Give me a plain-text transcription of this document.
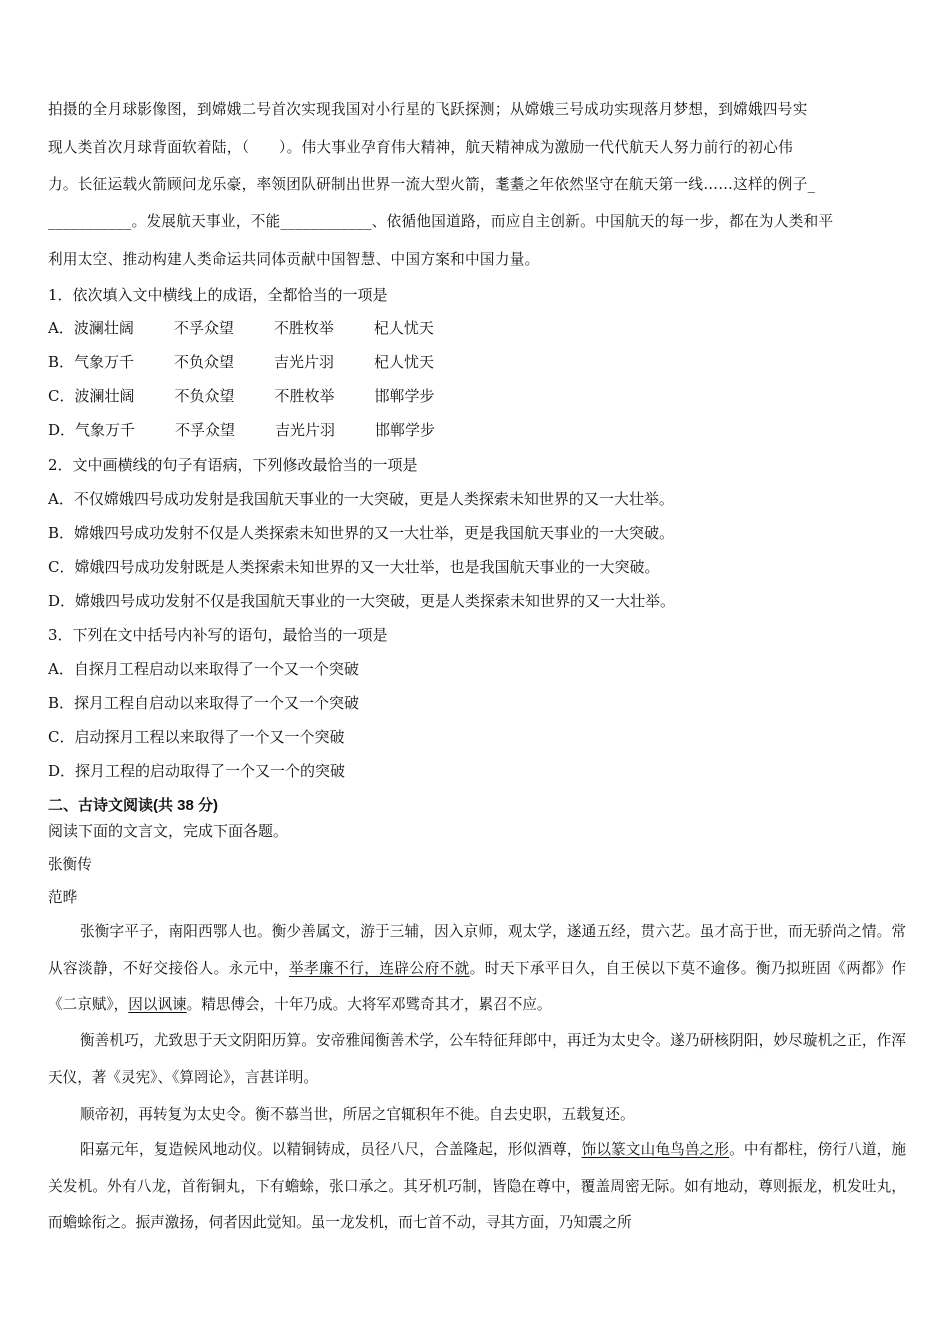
拍摄的全月球影像图，到嫦娥二号首次实现我国对小行星的飞跃探测；从嫦娥三号成功实现落月梦想，到嫦娥四号实
现人类首次月球背面软着陆，（　　）。伟大事业孕育伟大精神，航天精神成为激励一代代航天人努力前行的初心伟
力。长征运载火箭顾问龙乐豪，率领团队研制出世界一流大型火箭，耄耋之年依然坚守在航天第一线……这样的例子_
___________。发展航天事业，不能____________、依循他国道路，而应自主创新。中国航天的每一步，都在为人类和平
利用太空、推动构建人类命运共同体贡献中国智慧、中国方案和中国力量。
1．依次填入文中横线上的成语，全都恰当的一项是
A．波澜壮阔	不孚众望	不胜枚举	杞人忧天
B．气象万千	不负众望	吉光片羽	杞人忧天
C．波澜壮阔	不负众望	不胜枚举	邯郸学步
D．气象万千	不孚众望	吉光片羽	邯郸学步
2．文中画横线的句子有语病，下列修改最恰当的一项是
A．不仅嫦娥四号成功发射是我国航天事业的一大突破，更是人类探索未知世界的又一大壮举。
B．嫦娥四号成功发射不仅是人类探索未知世界的又一大壮举，更是我国航天事业的一大突破。
C．嫦娥四号成功发射既是人类探索未知世界的又一大壮举，也是我国航天事业的一大突破。
D．嫦娥四号成功发射不仅是我国航天事业的一大突破，更是人类探索未知世界的又一大壮举。
3．下列在文中括号内补写的语句，最恰当的一项是
A．自探月工程启动以来取得了一个又一个突破
B．探月工程自启动以来取得了一个又一个突破
C．启动探月工程以来取得了一个又一个突破
D．探月工程的启动取得了一个又一个的突破
二、古诗文阅读(共 38 分)
阅读下面的文言文，完成下面各题。
张衡传
范晔
张衡字平子，南阳西鄂人也。衡少善属文，游于三辅，因入京师，观太学，遂通五经，贯六艺。虽才高于世，而无骄尚之情。常从容淡静，不好交接俗人。永元中，举孝廉不行，连辟公府不就。时天下承平日久，自王侯以下莫不逾侈。衡乃拟班固《两都》作《二京赋》，因以讽谏。精思傅会，十年乃成。大将军邓骘奇其才，累召不应。
衡善机巧，尤致思于天文阴阳历算。安帝雅闻衡善术学，公车特征拜郎中，再迁为太史令。遂乃研核阴阳，妙尽璇机之正，作浑天仪，著《灵宪》、《算罔论》，言甚详明。
顺帝初，再转复为太史令。衡不慕当世，所居之官辄积年不徙。自去史职，五载复还。
阳嘉元年，复造候风地动仪。以精铜铸成，员径八尺，合盖隆起，形似酒尊，饰以篆文山龟鸟兽之形。中有都柱，傍行八道，施关发机。外有八龙，首衔铜丸，下有蟾蜍，张口承之。其牙机巧制，皆隐在尊中，覆盖周密无际。如有地动，尊则振龙，机发吐丸，而蟾蜍衔之。振声激扬，伺者因此觉知。虽一龙发机，而七首不动，寻其方面，乃知震之所
